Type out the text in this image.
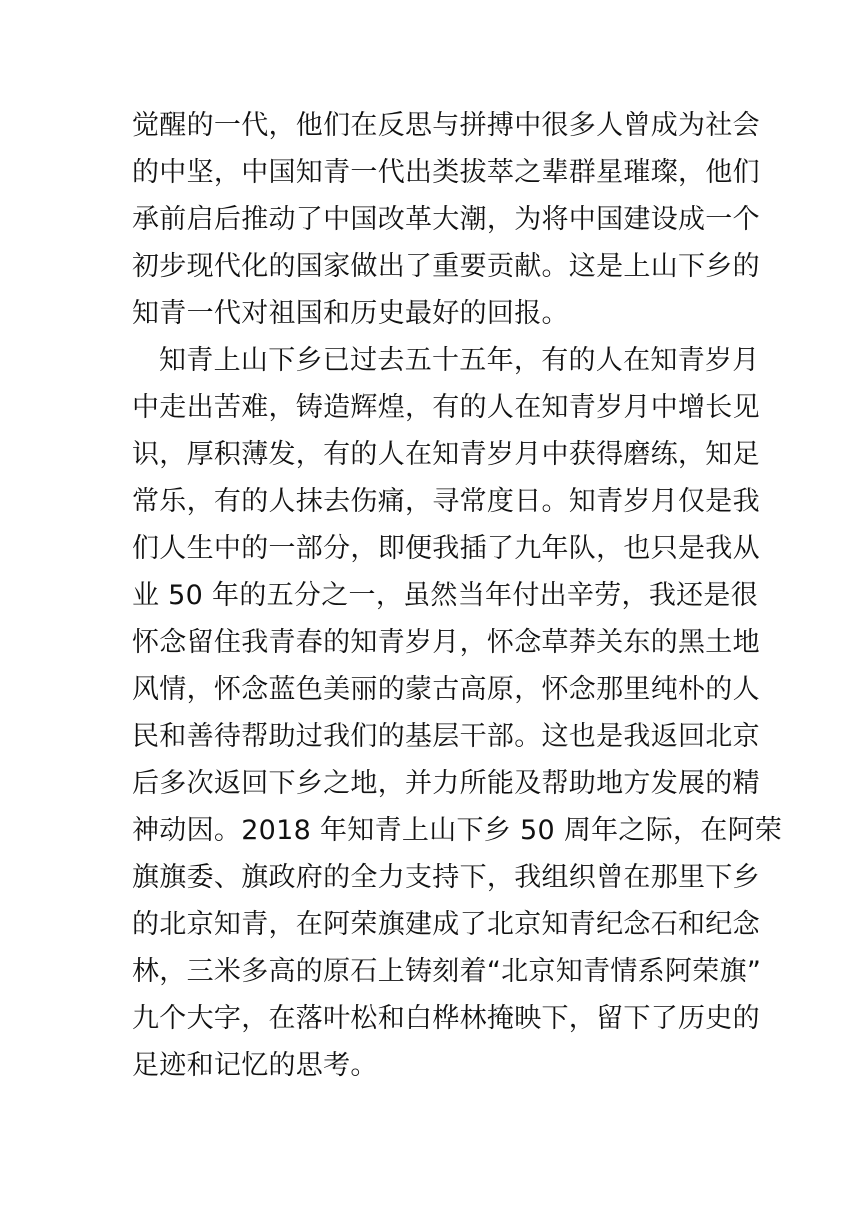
觉醒的一代，他们在反思与拼搏中很多人曾成为社会
的中坚，中国知青一代出类拔萃之辈群星璀璨，他们
承前启后推动了中国改革大潮，为将中国建设成一个
初步现代化的国家做出了重要贡献。这是上山下乡的
知青一代对祖国和历史最好的回报。
知青上山下乡已过去五十五年，有的人在知青岁月
中走出苦难，铸造辉煌，有的人在知青岁月中增长见
识，厚积薄发，有的人在知青岁月中获得磨练，知足
常乐，有的人抹去伤痛，寻常度日。知青岁月仅是我
们人生中的一部分，即便我插了九年队，也只是我从
业 50 年的五分之一，虽然当年付出辛劳，我还是很
怀念留住我青春的知青岁月，怀念草莽关东的黑土地
风情，怀念蓝色美丽的蒙古高原，怀念那里纯朴的人
民和善待帮助过我们的基层干部。这也是我返回北京
后多次返回下乡之地，并力所能及帮助地方发展的精
神动因。2018 年知青上山下乡 50 周年之际，在阿荣
旗旗委、旗政府的全力支持下，我组织曾在那里下乡
的北京知青，在阿荣旗建成了北京知青纪念石和纪念
林，三米多高的原石上铸刻着“北京知青情系阿荣旗”
九个大字，在落叶松和白桦林掩映下，留下了历史的
足迹和记忆的思考。
